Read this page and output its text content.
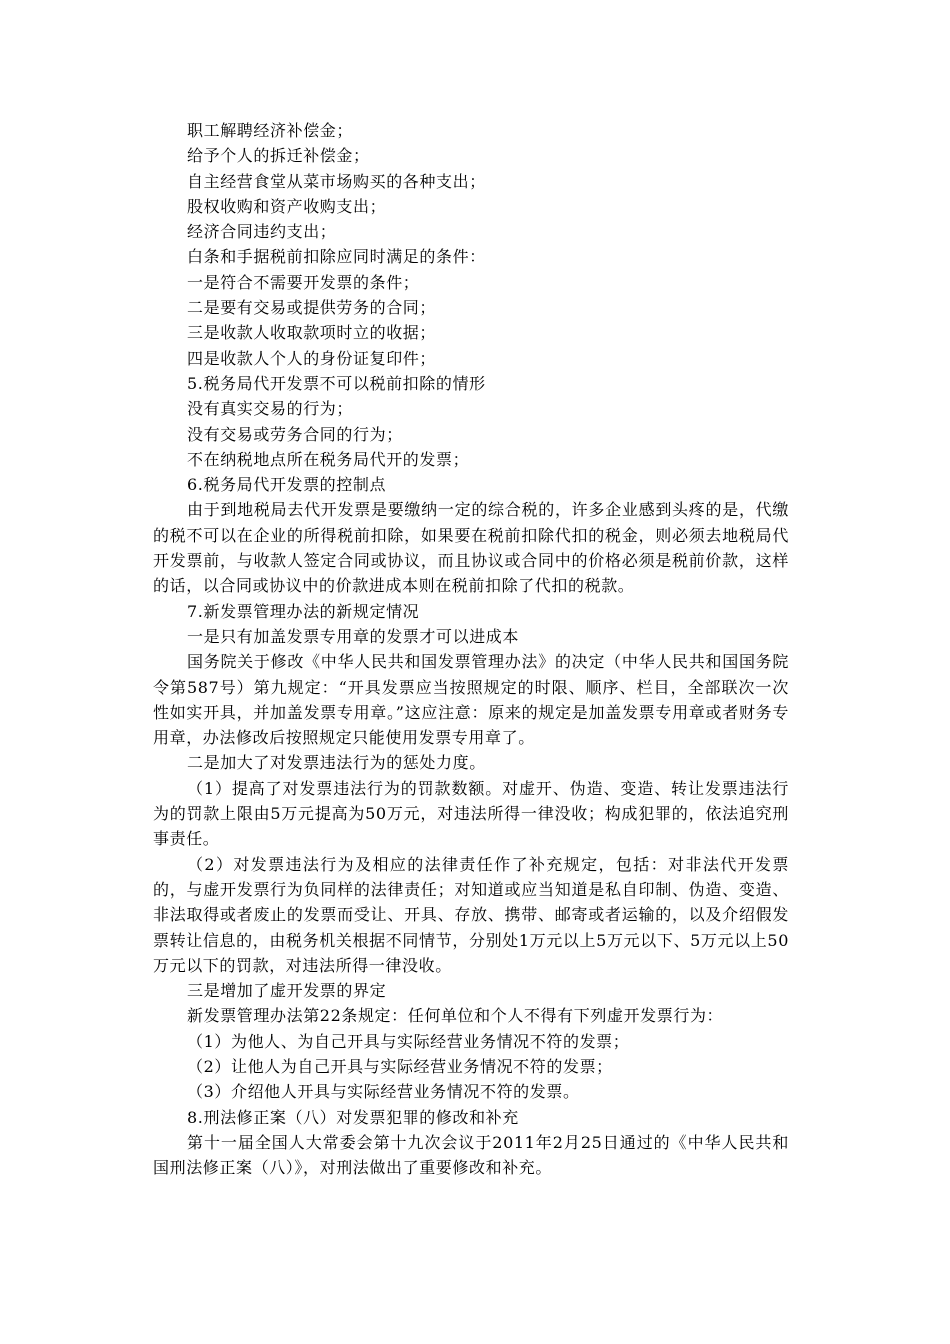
职工解聘经济补偿金；
给予个人的拆迁补偿金；
自主经营食堂从菜市场购买的各种支出；
股权收购和资产收购支出；
经济合同违约支出；
白条和手据税前扣除应同时满足的条件：
一是符合不需要开发票的条件；
二是要有交易或提供劳务的合同；
三是收款人收取款项时立的收据；
四是收款人个人的身份证复印件；
5.税务局代开发票不可以税前扣除的情形
没有真实交易的行为；
没有交易或劳务合同的行为；
不在纳税地点所在税务局代开的发票；
6.税务局代开发票的控制点

由于到地税局去代开发票是要缴纳一定的综合税的，许多企业感到头疼的是，代缴的税不可以在企业的所得税前扣除，如果要在税前扣除代扣的税金，则必须去地税局代开发票前，与收款人签定合同或协议，而且协议或合同中的价格必须是税前价款，这样的话，以合同或协议中的价款进成本则在税前扣除了代扣的税款。

7.新发票管理办法的新规定情况
一是只有加盖发票专用章的发票才可以进成本

国务院关于修改《中华人民共和国发票管理办法》的决定（中华人民共和国国务院令第587号）第九规定：“开具发票应当按照规定的时限、顺序、栏目，全部联次一次性如实开具，并加盖发票专用章。”这应注意：原来的规定是加盖发票专用章或者财务专用章，办法修改后按照规定只能使用发票专用章了。

二是加大了对发票违法行为的惩处力度。

（1）提高了对发票违法行为的罚款数额。对虚开、伪造、变造、转让发票违法行为的罚款上限由5万元提高为50万元，对违法所得一律没收；构成犯罪的，依法追究刑事责任。

（2）对发票违法行为及相应的法律责任作了补充规定，包括：对非法代开发票的，与虚开发票行为负同样的法律责任；对知道或应当知道是私自印制、伪造、变造、非法取得或者废止的发票而受让、开具、存放、携带、邮寄或者运输的，以及介绍假发票转让信息的，由税务机关根据不同情节，分别处1万元以上5万元以下、5万元以上50万元以下的罚款，对违法所得一律没收。

三是增加了虚开发票的界定
新发票管理办法第22条规定：任何单位和个人不得有下列虚开发票行为：
（1）为他人、为自己开具与实际经营业务情况不符的发票；
（2）让他人为自己开具与实际经营业务情况不符的发票；
（3）介绍他人开具与实际经营业务情况不符的发票。
8.刑法修正案（八）对发票犯罪的修改和补充

第十一届全国人大常委会第十九次会议于2011年2月25日通过的《中华人民共和国刑法修正案（八）》，对刑法做出了重要修改和补充。
